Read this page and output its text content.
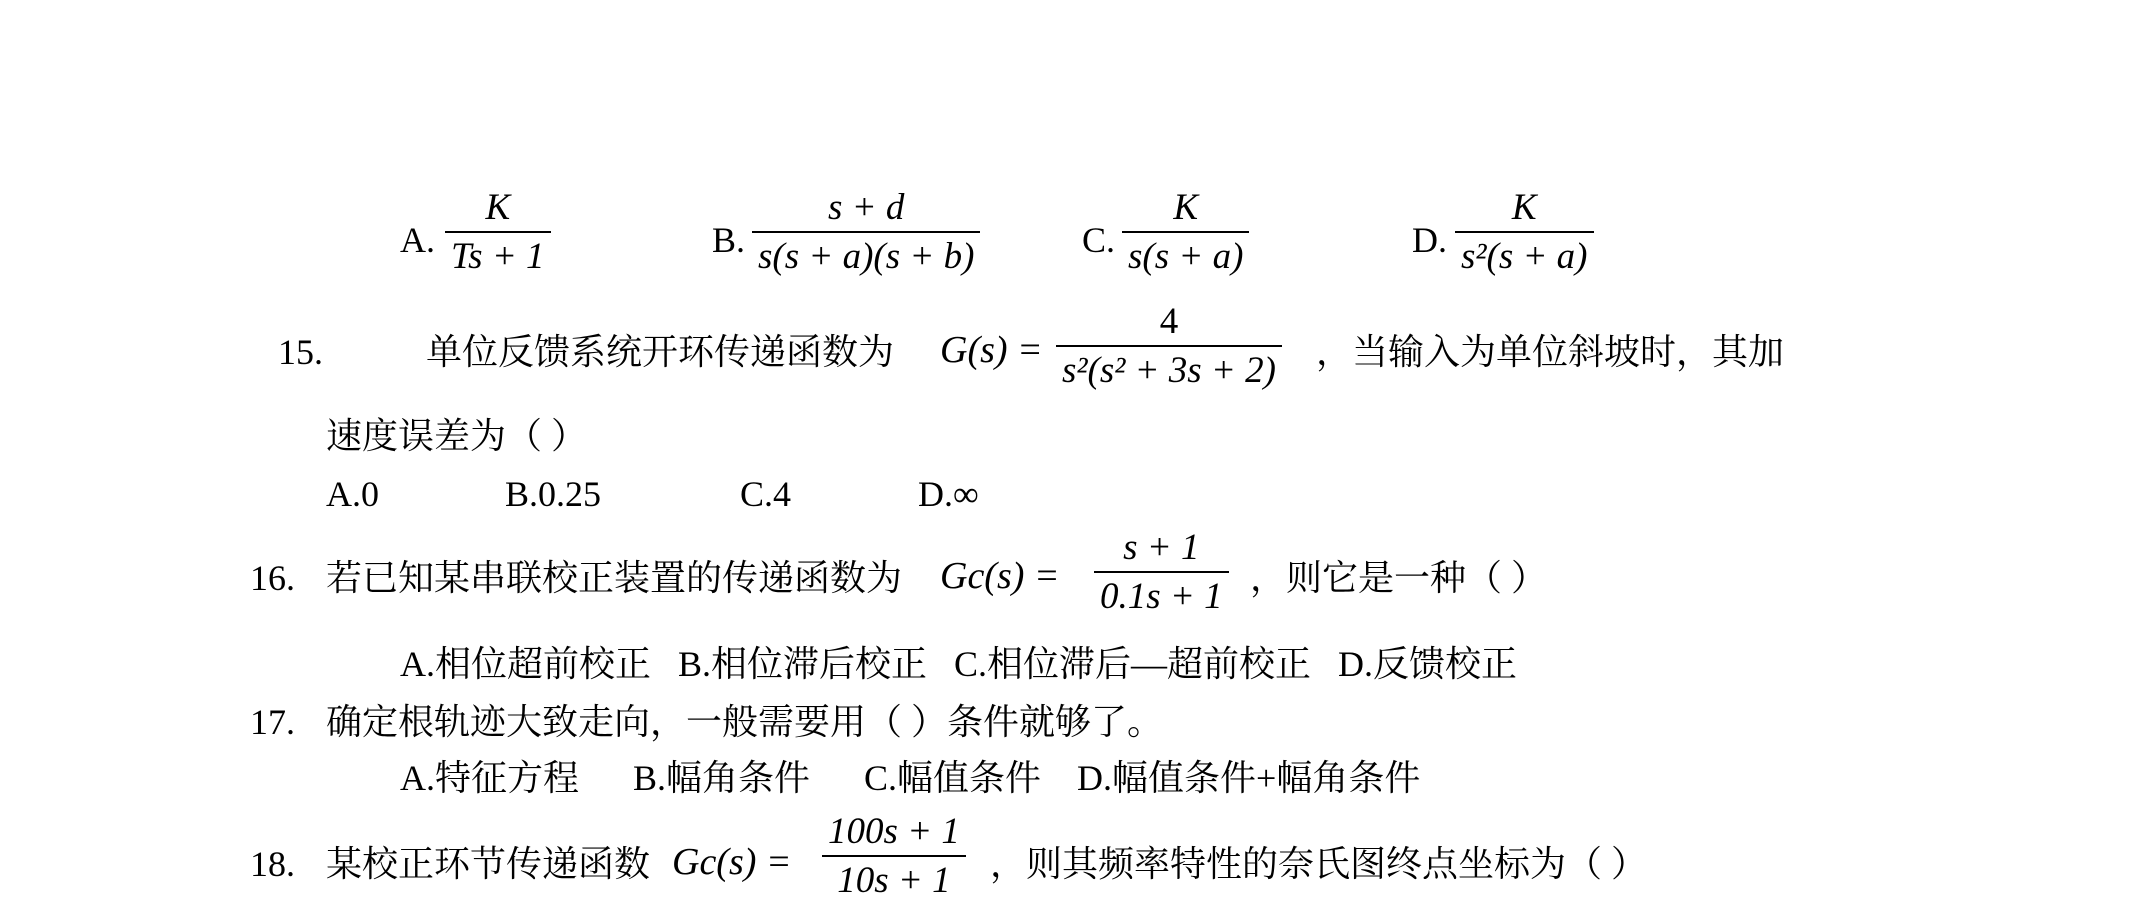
A.
K
Ts + 1	B.
s + d
s(s + a)(s + b)	C.
K
s(s + a)	D.
K
s²(s + a)
15.	单位反馈系统开环传递函数为 G(s) =
4
s²(s² + 3s + 2) ，当输入为单位斜坡时，其加
速度误差为（ ）
A.0	B.0.25	C.4	D.∞
16. 若已知某串联校正装置的传递函数为 Gc(s) =
s + 1
0.1s + 1 ，则它是一种（ ）
A.相位超前校正   B.相位滞后校正   C.相位滞后—超前校正   D.反馈校正
17. 确定根轨迹大致走向，一般需要用（ ）条件就够了。
A.特征方程      B.幅角条件      C.幅值条件    D.幅值条件+幅角条件
18. 某校正环节传递函数 Gc(s) =
100s + 1
10s + 1 ，则其频率特性的奈氏图终点坐标为（ ）
